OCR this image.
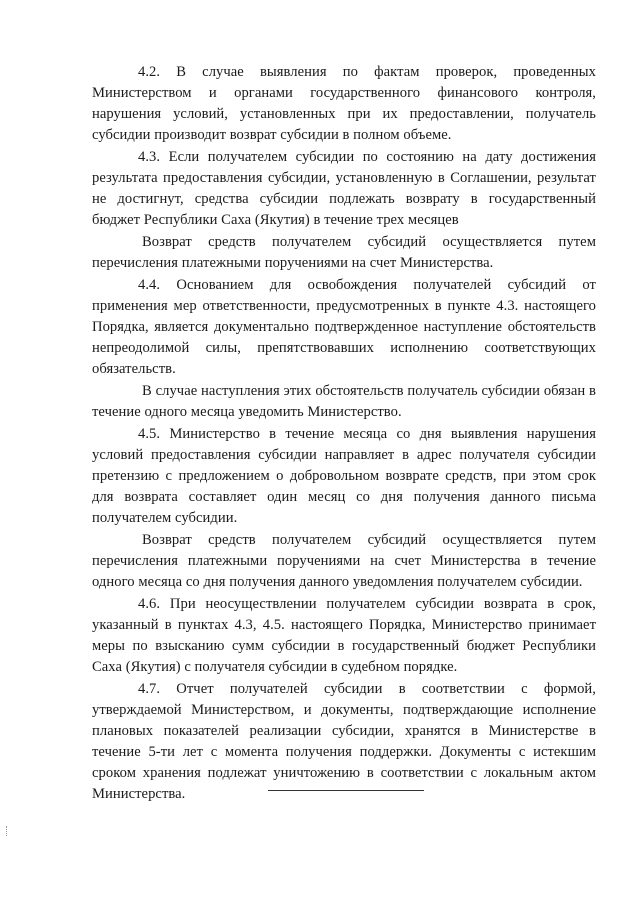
4.2. В случае выявления по фактам проверок, проведенных Министерством и органами государственного финансового контроля, нарушения условий, установленных при их предоставлении, получатель субсидии производит возврат субсидии в полном объеме.

4.3. Если получателем субсидии по состоянию на дату достижения результата предоставления субсидии, установленную в Соглашении, результат не достигнут, средства субсидии подлежать возврату в государственный бюджет Республики Саха (Якутия) в течение трех месяцев

Возврат средств получателем субсидий осуществляется путем перечисления платежными поручениями на счет Министерства.

4.4. Основанием для освобождения получателей субсидий от применения мер ответственности, предусмотренных в пункте 4.3. настоящего Порядка, является документально подтвержденное наступление обстоятельств непреодолимой силы, препятствовавших исполнению соответствующих обязательств.

В случае наступления этих обстоятельств получатель субсидии обязан в течение одного месяца уведомить Министерство.

4.5. Министерство в течение месяца со дня выявления нарушения условий предоставления субсидии направляет в адрес получателя субсидии претензию с предложением о добровольном возврате средств, при этом срок для возврата составляет один месяц со дня получения данного письма получателем субсидии.

Возврат средств получателем субсидий осуществляется путем перечисления платежными поручениями на счет Министерства в течение одного месяца со дня получения данного уведомления получателем субсидии.

4.6. При неосуществлении получателем субсидии возврата в срок, указанный в пунктах 4.3, 4.5. настоящего Порядка, Министерство принимает меры по взысканию сумм субсидии в государственный бюджет Республики Саха (Якутия) с получателя субсидии в судебном порядке.

4.7. Отчет получателей субсидии в соответствии с формой, утверждаемой Министерством, и документы, подтверждающие исполнение плановых показателей реализации субсидии, хранятся в Министерстве в течение 5-ти лет с момента получения поддержки. Документы с истекшим сроком хранения подлежат уничтожению в соответствии с локальным актом Министерства.
